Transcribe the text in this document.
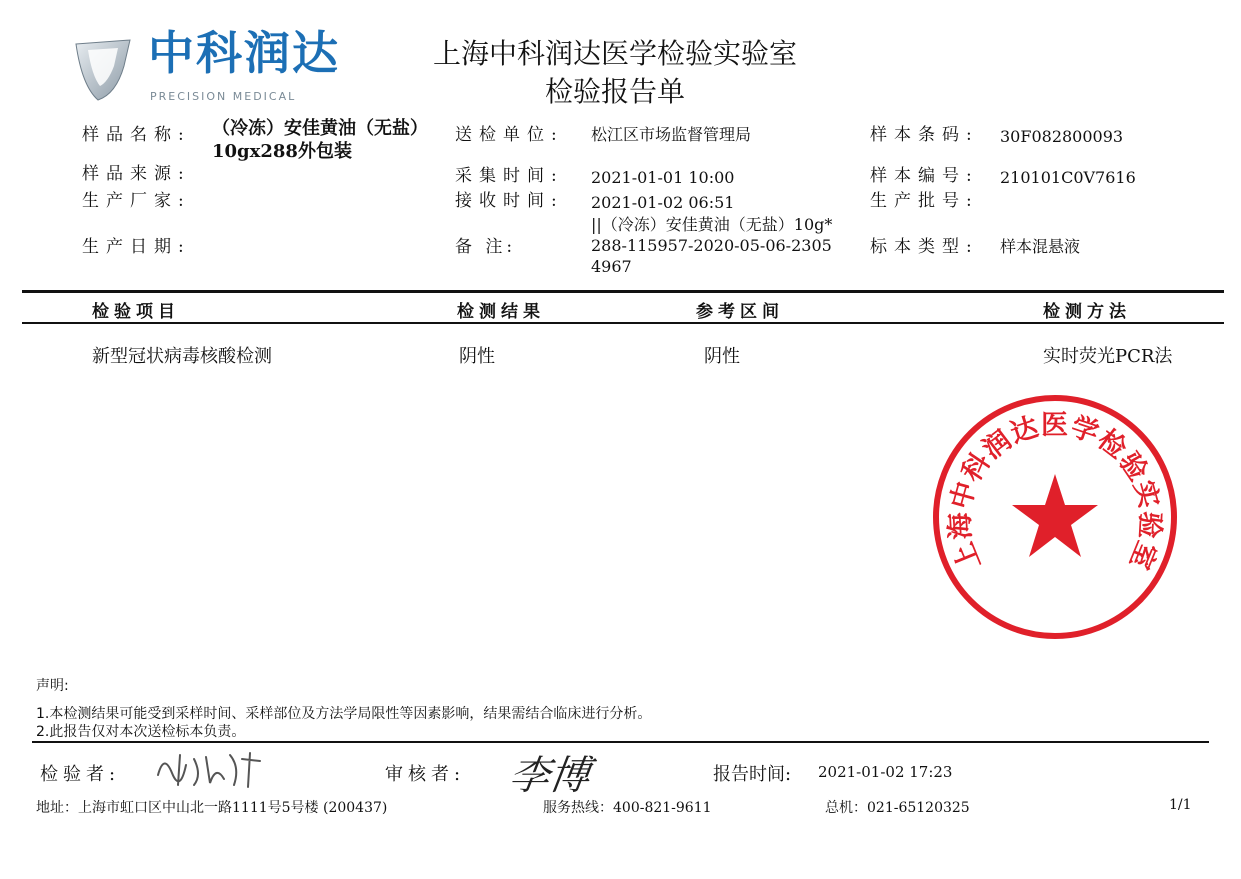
中科润达
PRECISION MEDICAL
上海中科润达医学检验实验室
检验报告单
样品名称: （冷冻）安佳黄油（无盐）10gx288外包装
样品来源:
生产厂家:
生产日期:
送检单位: 松江区市场监督管理局
采集时间: 2021-01-01 10:00
接收时间: 2021-01-02 06:51
备 注:
||（冷冻）安佳黄油（无盐）10g*288-115957-2020-05-06-23054967
样本条码: 30F082800093
样本编号: 210101C0V7616
生产批号:
标本类型: 样本混悬液
检验项目	检测结果	参考区间	检测方法
新型冠状病毒核酸检测	阴性	阴性	实时荧光PCR法
上海中科润达医学检验实验室
声明:
1.本检测结果可能受到采样时间、采样部位及方法学局限性等因素影响，结果需结合临床进行分析。
2.此报告仅对本次送检标本负责。
检验者:	审核者: 李博	报告时间: 2021-01-02 17:23
地址：上海市虹口区中山北一路1111号5号楼 (200437)	服务热线：400-821-9611	总机：021-65120325	1/1
